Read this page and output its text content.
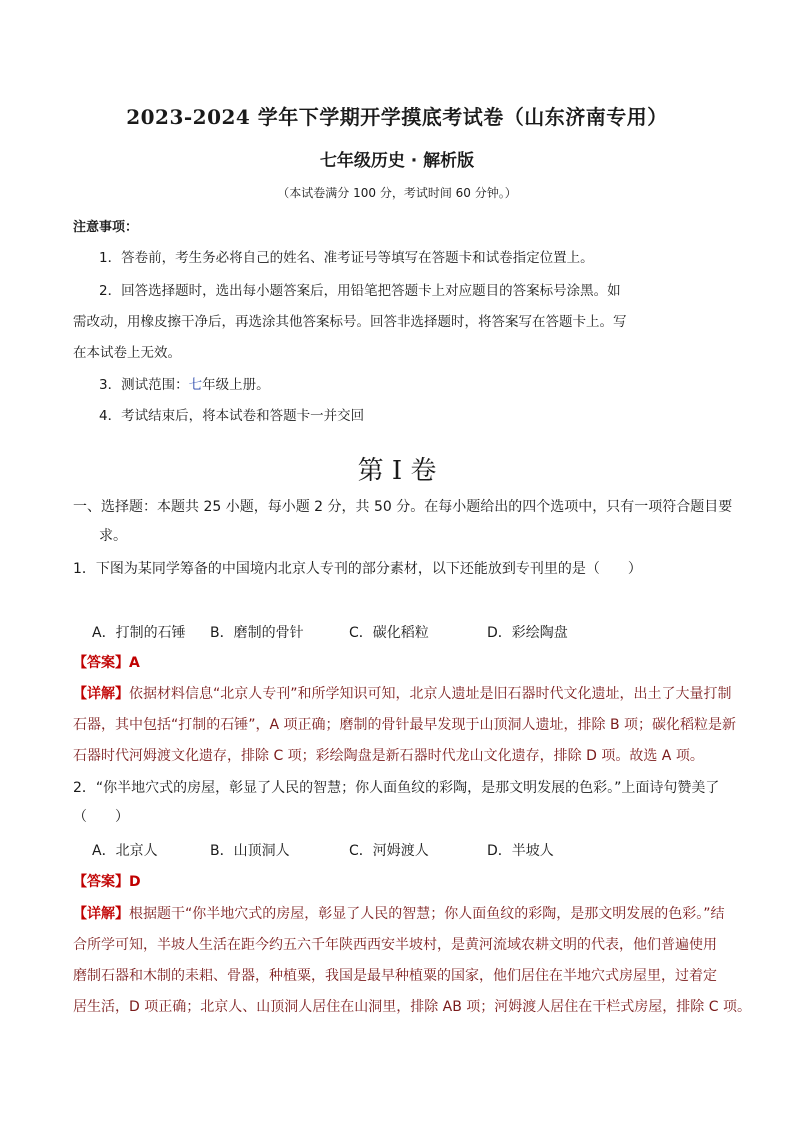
2023-2024 学年下学期开学摸底考试卷（山东济南专用）
七年级历史 · 解析版
（本试卷满分 100 分，考试时间 60 分钟。）
注意事项：
1．答卷前，考生务必将自己的姓名、准考证号等填写在答题卡和试卷指定位置上。
2．回答选择题时，选出每小题答案后，用铅笔把答题卡上对应题目的答案标号涂黑。如
需改动，用橡皮擦干净后，再选涂其他答案标号。回答非选择题时，将答案写在答题卡上。写
在本试卷上无效。
3．测试范围：七年级上册。
4．考试结束后，将本试卷和答题卡一并交回
第 I 卷
一、选择题：本题共 25 小题，每小题 2 分，共 50 分。在每小题给出的四个选项中，只有一项符合题目要
求。
1．下图为某同学筹备的中国境内北京人专刊的部分素材，以下还能放到专刊里的是（　　）
A．打制的石锤 B．磨制的骨针	C．碳化稻粒	D．彩绘陶盘
【答案】A
【详解】依据材料信息“北京人专刊”和所学知识可知，北京人遗址是旧石器时代文化遗址，出土了大量打制
石器，其中包括“打制的石锤”，A 项正确；磨制的骨针最早发现于山顶洞人遗址，排除 B 项；碳化稻粒是新
石器时代河姆渡文化遗存，排除 C 项；彩绘陶盘是新石器时代龙山文化遗存，排除 D 项。故选 A 项。
2．“你半地穴式的房屋，彰显了人民的智慧；你人面鱼纹的彩陶，是那文明发展的色彩。”上面诗句赞美了
（　　）
A．北京人	B．山顶洞人	C．河姆渡人	D．半坡人
【答案】D
【详解】根据题干“你半地穴式的房屋，彰显了人民的智慧；你人面鱼纹的彩陶，是那文明发展的色彩。”结
合所学可知，半坡人生活在距今约五六千年陕西西安半坡村，是黄河流域农耕文明的代表，他们普遍使用
磨制石器和木制的耒耜、骨器，种植粟，我国是最早种植粟的国家，他们居住在半地穴式房屋里，过着定
居生活，D 项正确；北京人、山顶洞人居住在山洞里，排除 AB 项；河姆渡人居住在干栏式房屋，排除 C 项。
